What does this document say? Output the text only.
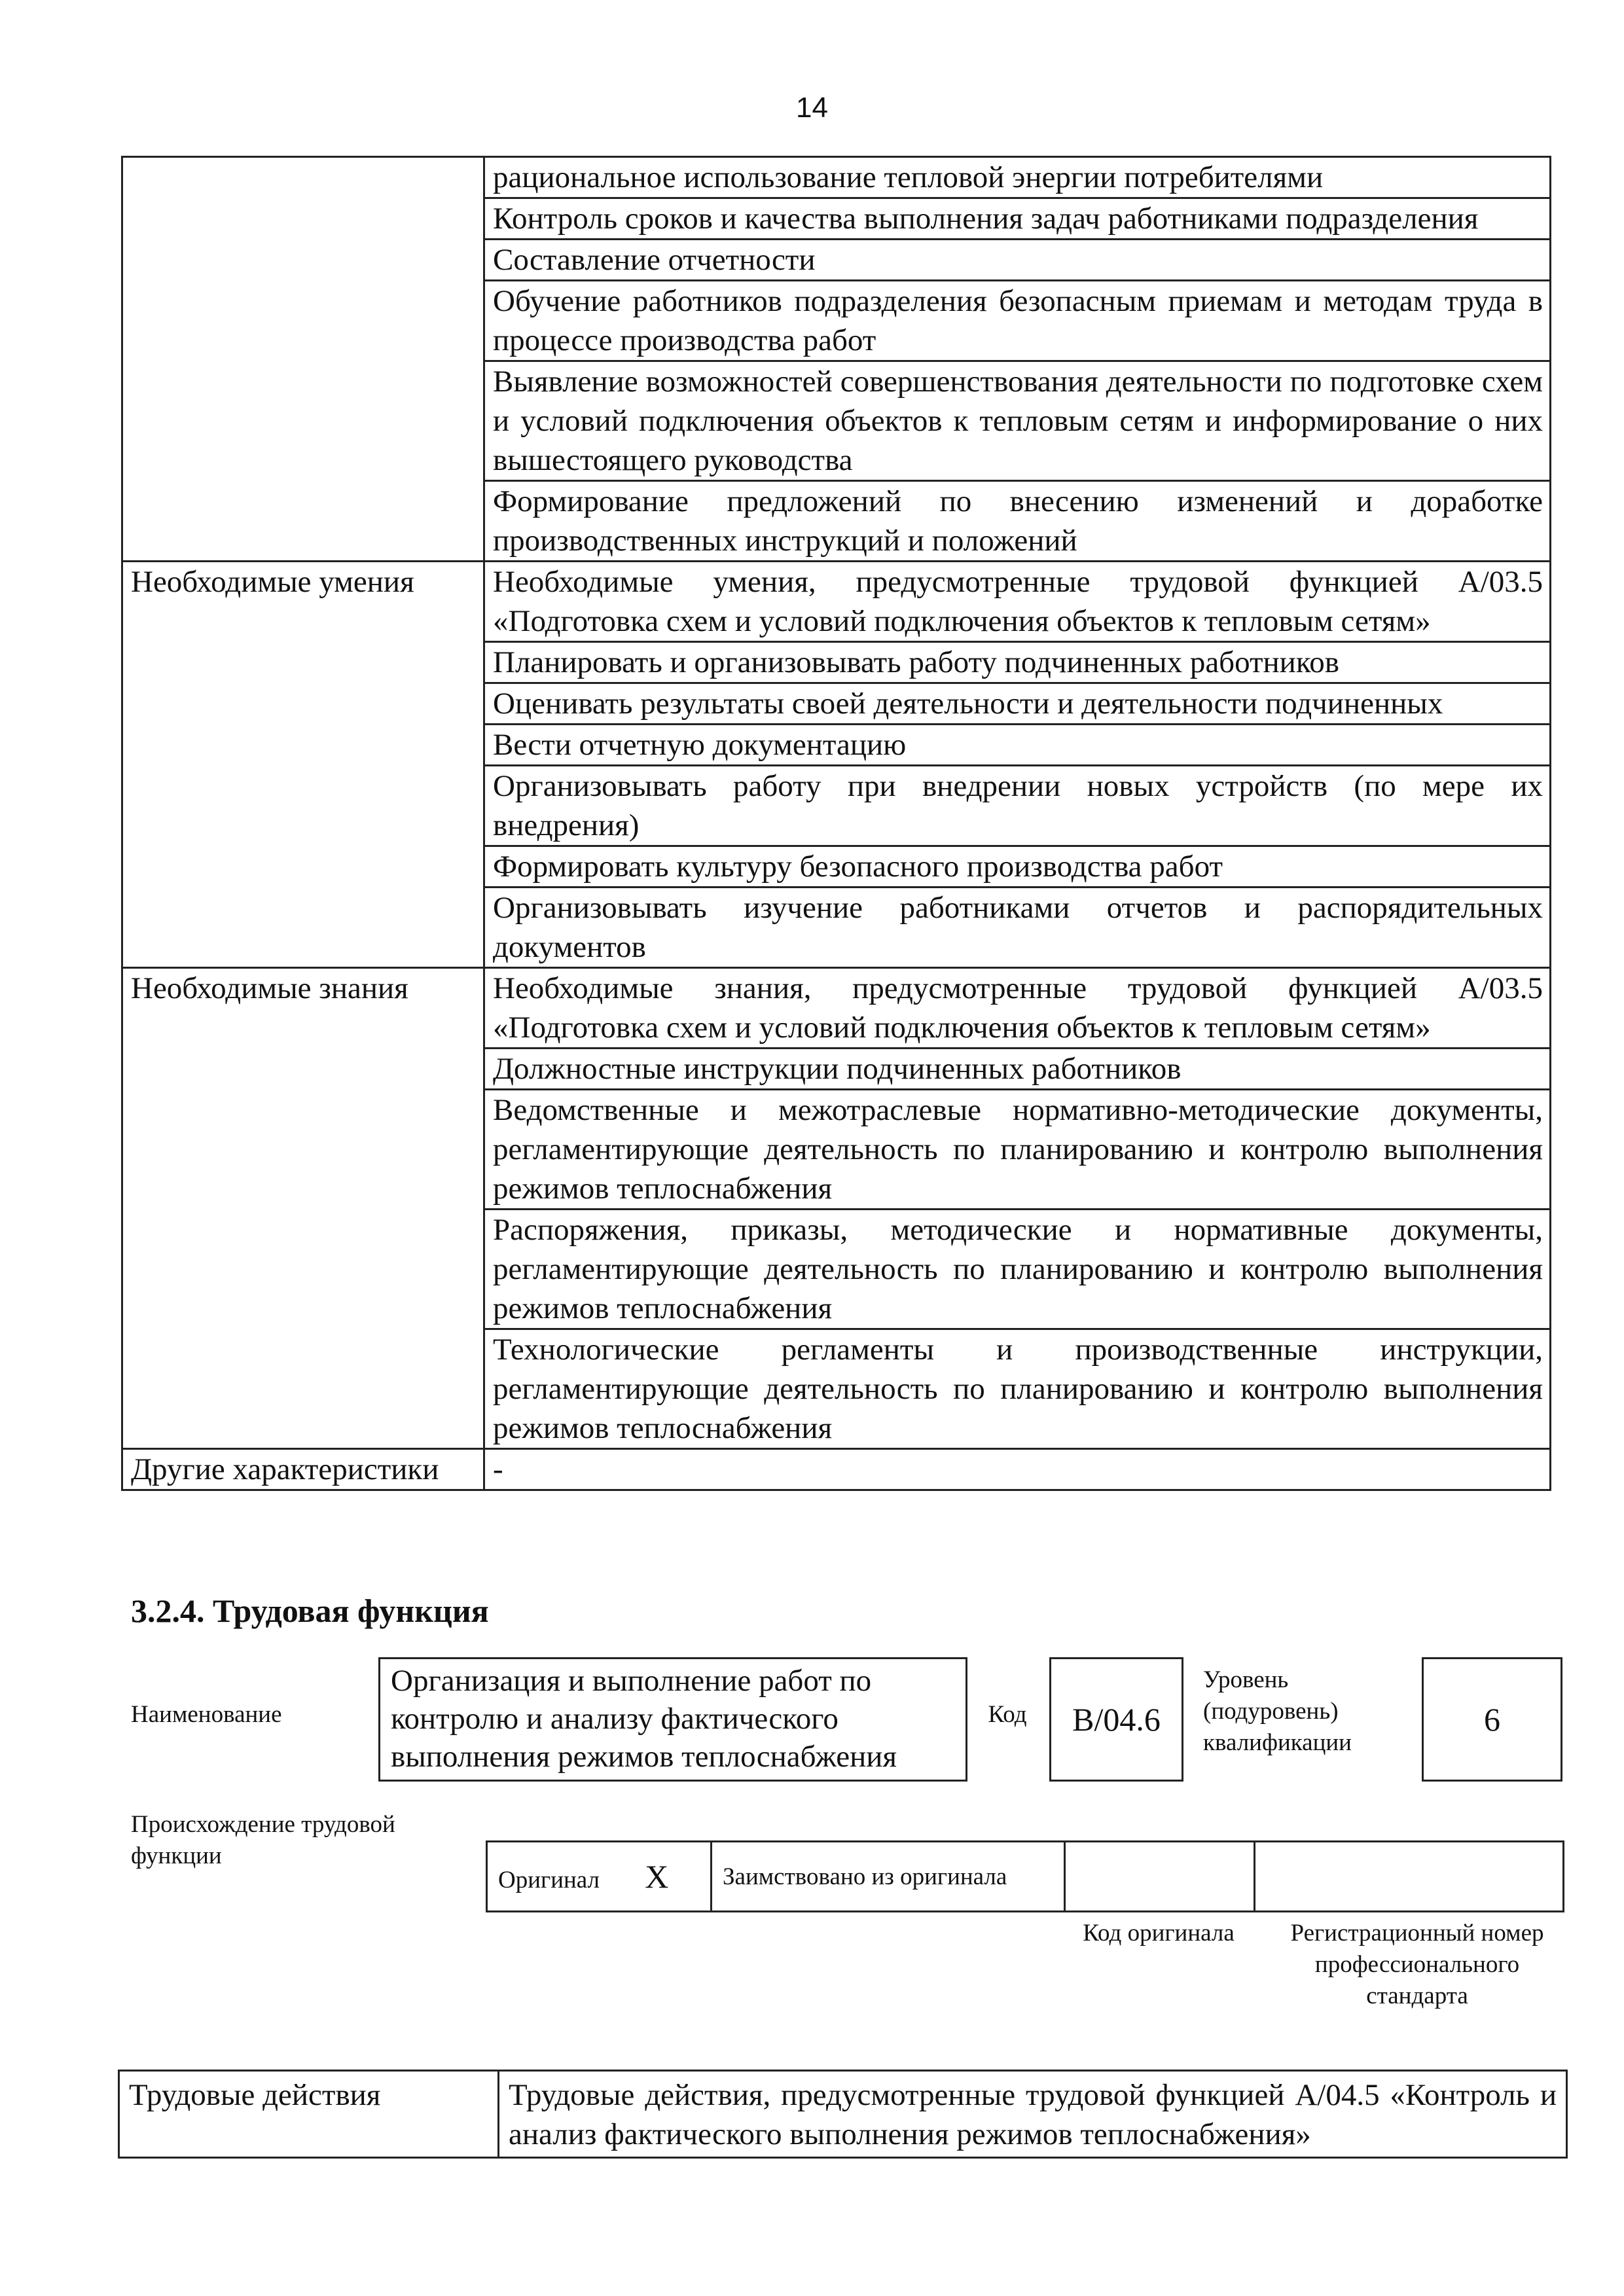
14
	рациональное использование тепловой энергии потребителями
	Контроль сроков и качества выполнения задач работниками подразделения
	Составление отчетности
	Обучение работников подразделения безопасным приемам и методам труда в процессе производства работ
	Выявление возможностей совершенствования деятельности по подготовке схем и условий подключения объектов к тепловым сетям и информирование о них вышестоящего руководства
	Формирование предложений по внесению изменений и доработке производственных инструкций и положений
Необходимые умения	Необходимые умения, предусмотренные трудовой функцией А/03.5 «Подготовка схем и условий подключения объектов к тепловым сетям»
	Планировать и организовывать работу подчиненных работников
	Оценивать результаты своей деятельности и деятельности подчиненных
	Вести отчетную документацию
	Организовывать работу при внедрении новых устройств (по мере их внедрения)
	Формировать культуру безопасного производства работ
	Организовывать изучение работниками отчетов и распорядительных документов
Необходимые знания	Необходимые знания, предусмотренные трудовой функцией А/03.5 «Подготовка схем и условий подключения объектов к тепловым сетям»
	Должностные инструкции подчиненных работников
	Ведомственные и межотраслевые нормативно-методические документы, регламентирующие деятельность по планированию и контролю выполнения режимов теплоснабжения
	Распоряжения, приказы, методические и нормативные документы, регламентирующие деятельность по планированию и контролю выполнения режимов теплоснабжения
	Технологические регламенты и производственные инструкции, регламентирующие деятельность по планированию и контролю выполнения режимов теплоснабжения
Другие характеристики	-
3.2.4. Трудовая функция
Наименование
Организация и выполнение работ по контролю и анализу фактического выполнения режимов теплоснабжения
Код	B/04.6
Уровень (подуровень) квалификации
6
Происхождение трудовой функции
Оригинал X	Заимствовано из оригинала		
Код оригинала	Регистрационный номер профессионального стандарта
Трудовые действия	Трудовые действия, предусмотренные трудовой функцией А/04.5 «Контроль и анализ фактического выполнения режимов теплоснабжения»
